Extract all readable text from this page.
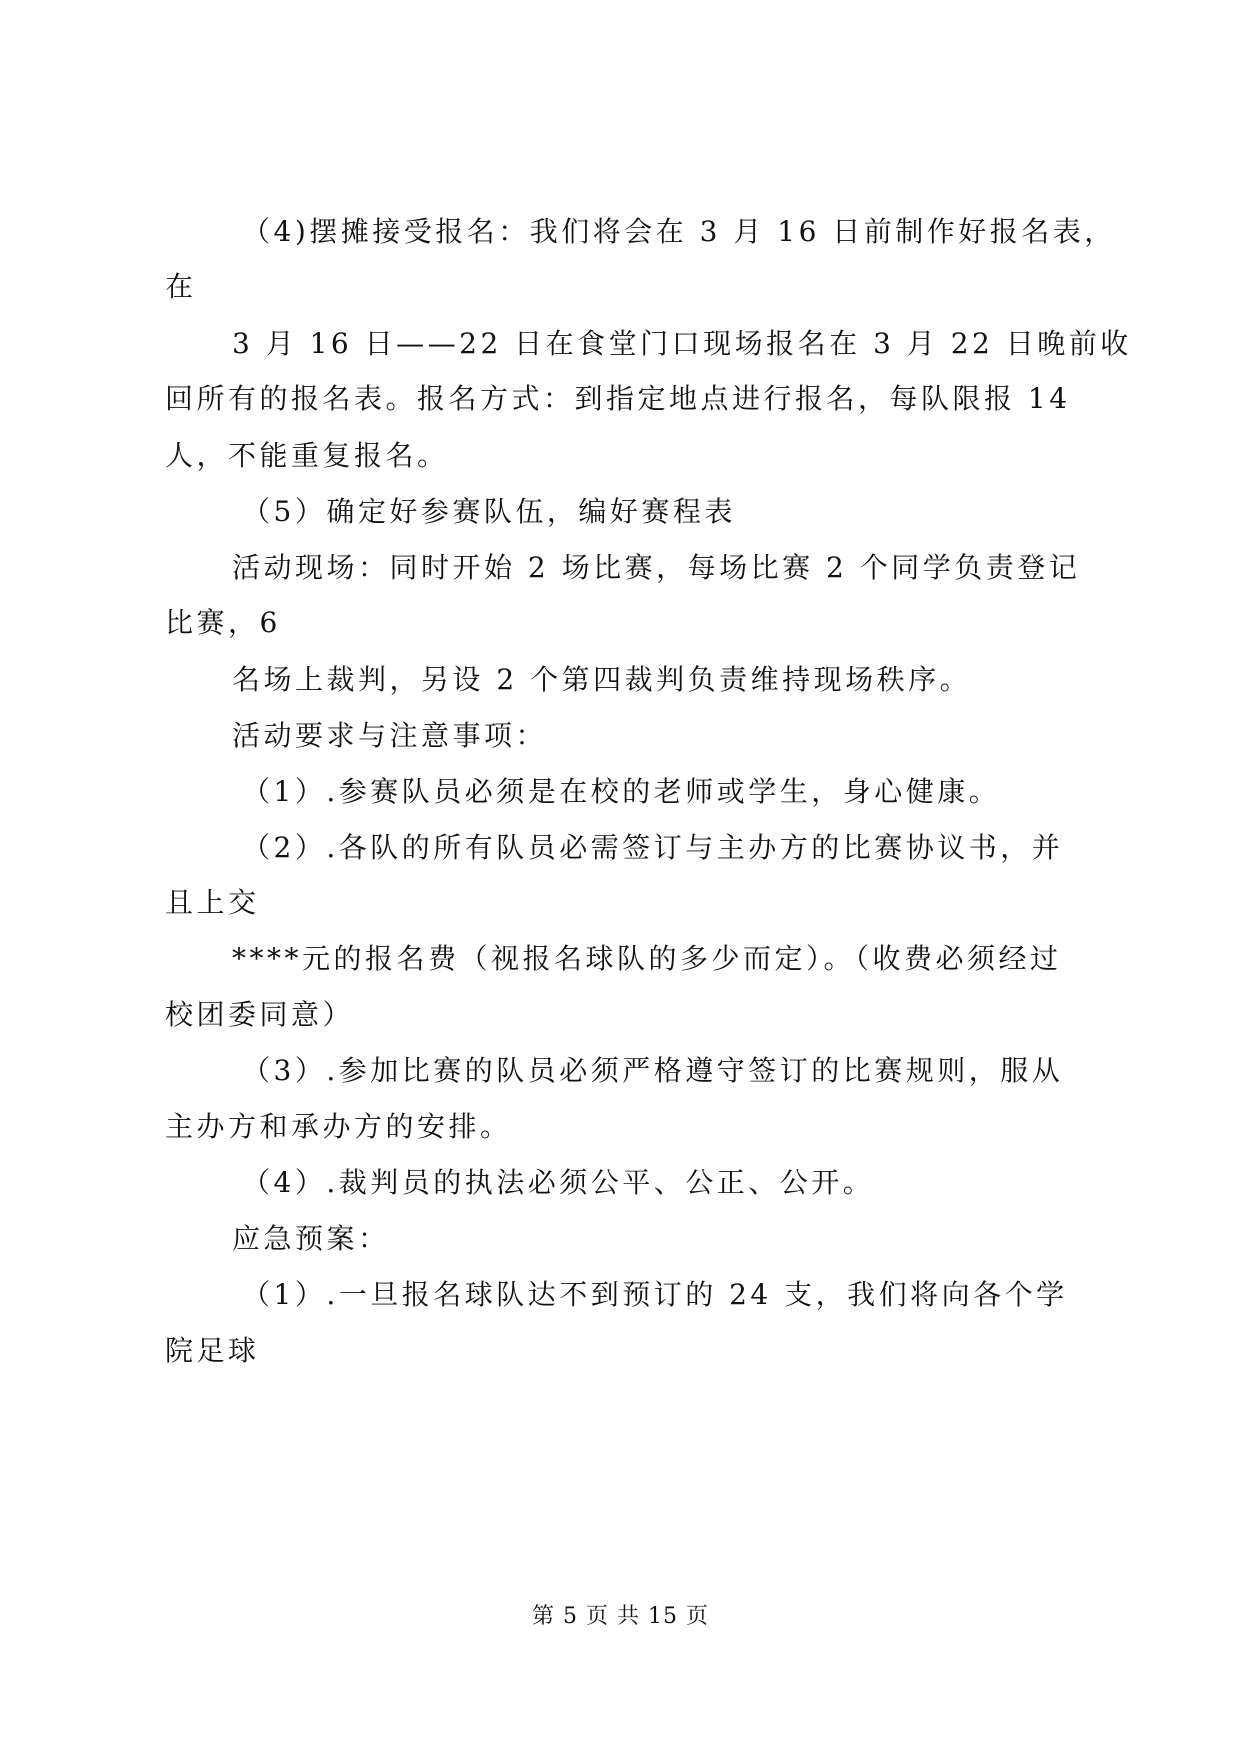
（4)摆摊接受报名：我们将会在 3 月 16 日前制作好报名表，
在
3 月 16 日——22 日在食堂门口现场报名在 3 月 22 日晚前收
回所有的报名表。报名方式：到指定地点进行报名，每队限报 14
人，不能重复报名。
（5）确定好参赛队伍，编好赛程表
活动现场：同时开始 2 场比赛，每场比赛 2 个同学负责登记
比赛，6
名场上裁判，另设 2 个第四裁判负责维持现场秩序。
活动要求与注意事项：
（1）.参赛队员必须是在校的老师或学生，身心健康。
（2）.各队的所有队员必需签订与主办方的比赛协议书，并
且上交
****元的报名费（视报名球队的多少而定）。（收费必须经过
校团委同意）
（3）.参加比赛的队员必须严格遵守签订的比赛规则，服从
主办方和承办方的安排。
（4）.裁判员的执法必须公平、公正、公开。
应急预案：
（1）.一旦报名球队达不到预订的 24 支，我们将向各个学
院足球
第 5 页 共 15 页
